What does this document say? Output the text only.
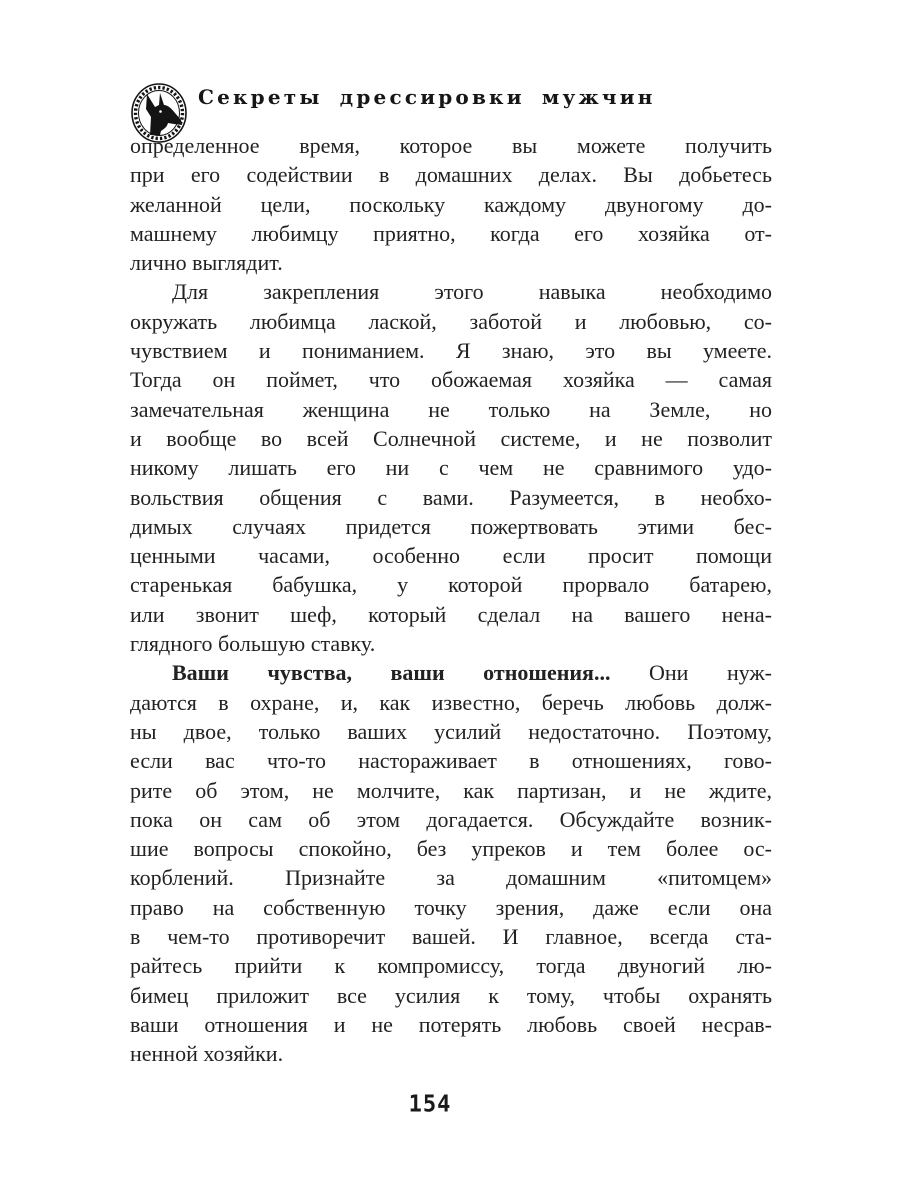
Секреты дрессировки мужчин
определенное время, которое вы можете получить
при его содействии в домашних делах. Вы добьетесь
желанной цели, поскольку каждому двуногому до-
машнему любимцу приятно, когда его хозяйка от-
лично выглядит.
Для закрепления этого навыка необходимо
окружать любимца лаской, заботой и любовью, со-
чувствием и пониманием. Я знаю, это вы умеете.
Тогда он поймет, что обожаемая хозяйка — самая
замечательная женщина не только на Земле, но
и вообще во всей Солнечной системе, и не позволит
никому лишать его ни с чем не сравнимого удо-
вольствия общения с вами. Разумеется, в необхо-
димых случаях придется пожертвовать этими бес-
ценными часами, особенно если просит помощи
старенькая бабушка, у которой прорвало батарею,
или звонит шеф, который сделал на вашего нена-
глядного большую ставку.
Ваши чувства, ваши отношения... Они нуж-
даются в охране, и, как известно, беречь любовь долж-
ны двое, только ваших усилий недостаточно. Поэтому,
если вас что-то настораживает в отношениях, гово-
рите об этом, не молчите, как партизан, и не ждите,
пока он сам об этом догадается. Обсуждайте возник-
шие вопросы спокойно, без упреков и тем более ос-
корблений. Признайте за домашним «питомцем»
право на собственную точку зрения, даже если она
в чем-то противоречит вашей. И главное, всегда ста-
райтесь прийти к компромиссу, тогда двуногий лю-
бимец приложит все усилия к тому, чтобы охранять
ваши отношения и не потерять любовь своей несрав-
ненной хозяйки.
154
